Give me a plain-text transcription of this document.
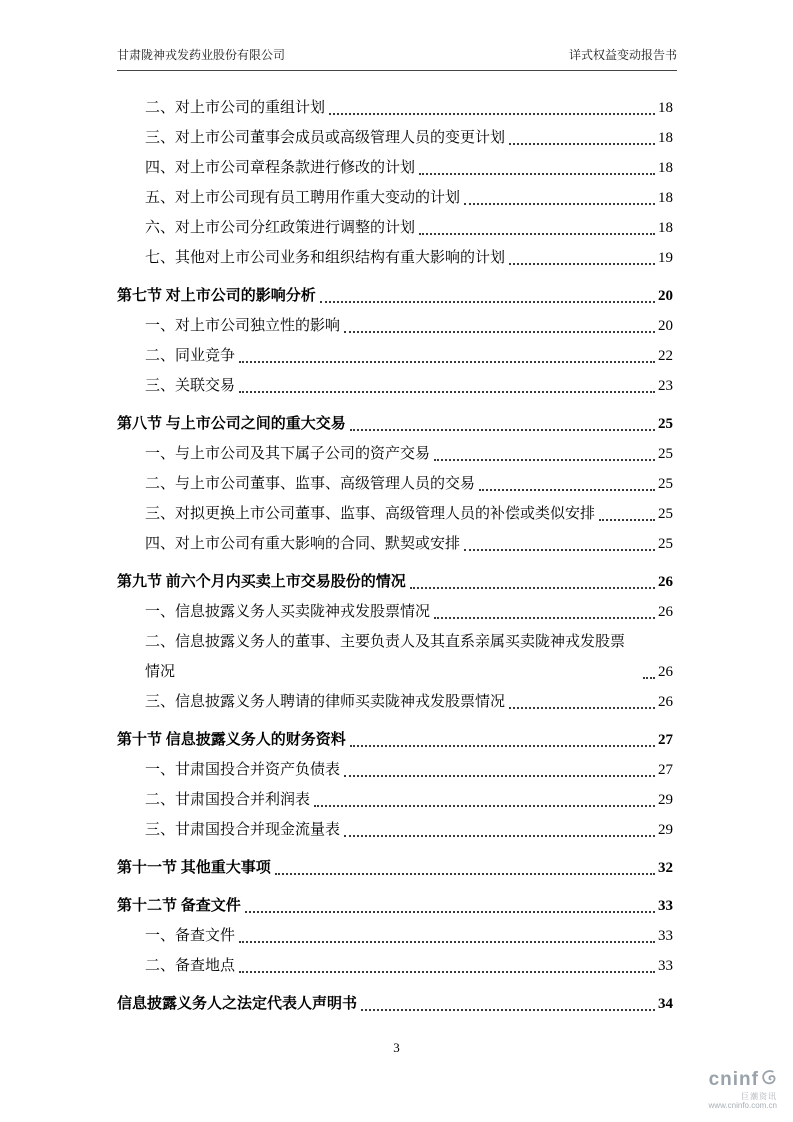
甘肃陇神戎发药业股份有限公司	详式权益变动报告书
二、对上市公司的重组计划	18
三、对上市公司董事会成员或高级管理人员的变更计划	18
四、对上市公司章程条款进行修改的计划	18
五、对上市公司现有员工聘用作重大变动的计划	18
六、对上市公司分红政策进行调整的计划	18
七、其他对上市公司业务和组织结构有重大影响的计划	19
第七节 对上市公司的影响分析	20
一、对上市公司独立性的影响	20
二、同业竞争	22
三、关联交易	23
第八节 与上市公司之间的重大交易	25
一、与上市公司及其下属子公司的资产交易	25
二、与上市公司董事、监事、高级管理人员的交易	25
三、对拟更换上市公司董事、监事、高级管理人员的补偿或类似安排	25
四、对上市公司有重大影响的合同、默契或安排	25
第九节 前六个月内买卖上市交易股份的情况	26
一、信息披露义务人买卖陇神戎发股票情况	26
二、信息披露义务人的董事、主要负责人及其直系亲属买卖陇神戎发股票情况	26
三、信息披露义务人聘请的律师买卖陇神戎发股票情况	26
第十节 信息披露义务人的财务资料	27
一、甘肃国投合并资产负债表	27
二、甘肃国投合并利润表	29
三、甘肃国投合并现金流量表	29
第十一节 其他重大事项	32
第十二节 备查文件	33
一、备查文件	33
二、备查地点	33
信息披露义务人之法定代表人声明书	34
3
cninf
巨潮资讯
www.cninfo.com.cn
